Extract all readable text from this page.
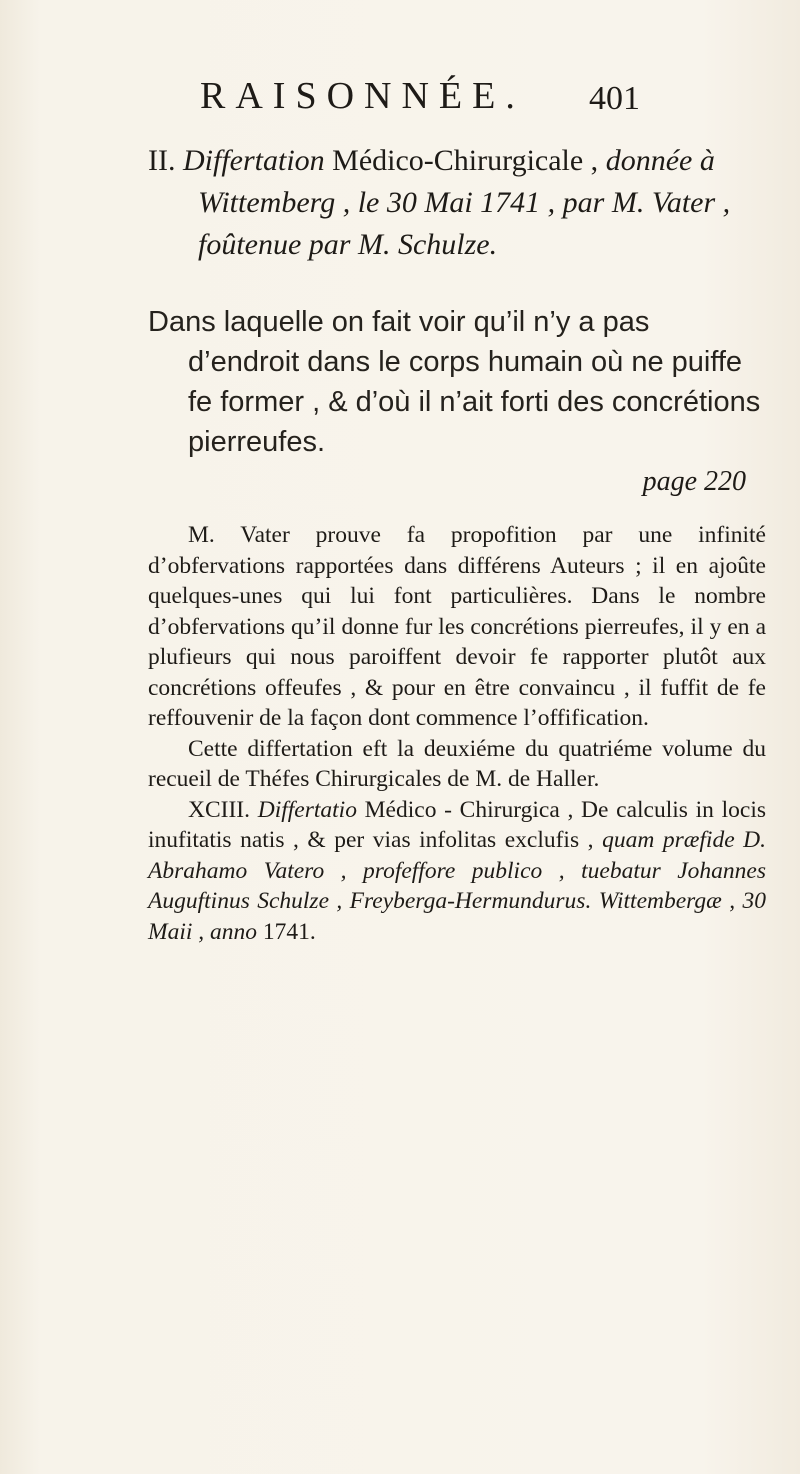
RAISONNÉE. 401

II. Differtation Médico-Chirurgicale , donnée à Wittemberg , le 30 Mai 1741 , par M. Vater , foûtenue par M. Schulze.

Dans laquelle on fait voir qu’il n’y a pas d’endroit dans le corps humain où ne puiffe fe former , & d’où il n’ait forti des concrétions pierreufes.

page 220

M. Vater prouve fa propofition par une infinité d’obfervations rapportées dans différens Auteurs ; il en ajoûte quelques-unes qui lui font particulières. Dans le nombre d’obfervations qu’il donne fur les concrétions pierreufes, il y en a plufieurs qui nous paroiffent devoir fe rapporter plutôt aux concrétions offeufes , & pour en être convaincu , il fuffit de fe reffouvenir de la façon dont commence l’offification.

Cette differtation eft la deuxiéme du quatriéme volume du recueil de Théfes Chirurgicales de M. de Haller.

XCIII. Differtatio Médico - Chirurgica , De calculis in locis inufitatis natis , & per vias infolitas exclufis , quam præfide D. Abrahamo Vatero , profeffore publico , tuebatur Johannes Auguftinus Schulze , Freyberga-Hermundurus. Wittembergæ , 30 Maii , anno 1741.
